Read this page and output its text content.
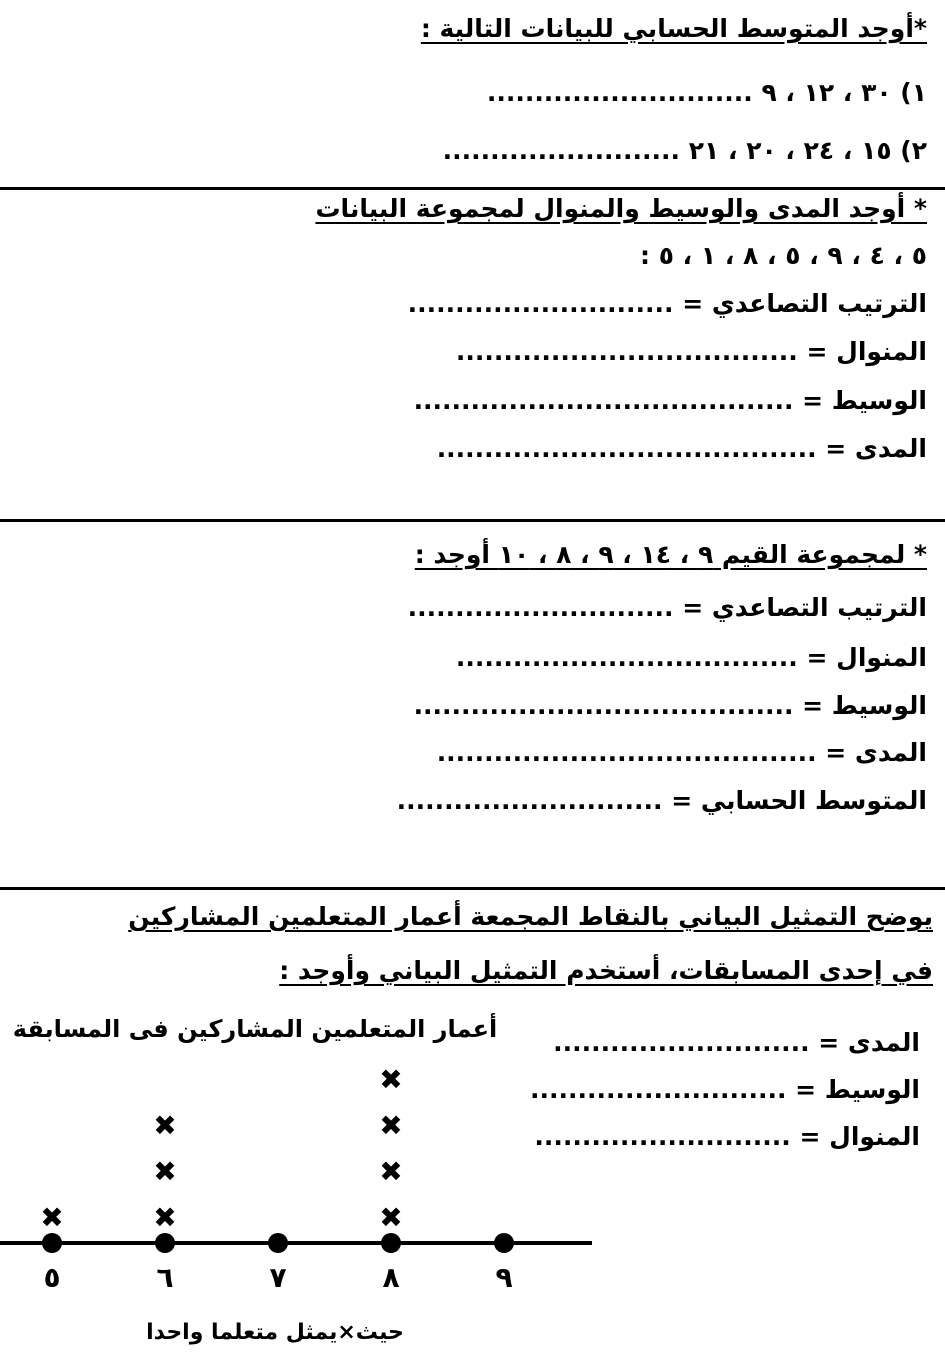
*أوجد المتوسط الحسابي للبيانات التالية :
١) ٣٠ ، ١٢ ، ٩ ............................
٢) ١٥ ، ٢٤ ، ٢٠ ، ٢١ .........................
* أوجد المدى والوسيط والمنوال لمجموعة البيانات
٥ ، ٤ ، ٩ ، ٥ ، ٨ ، ١ ، ٥ :
الترتيب التصاعدي = ............................
المنوال = ....................................
الوسيط = ........................................
المدى = ........................................
* لمجموعة القيم ٩ ، ١٤ ، ٩ ، ٨ ، ١٠ أوجد :
الترتيب التصاعدي = ............................
المنوال = ....................................
الوسيط = ........................................
المدى = ........................................
المتوسط الحسابي = ............................
يوضح التمثيل البياني بالنقاط المجمعة أعمار المتعلمين المشاركين
في إحدى المسابقات، أستخدم التمثيل البياني وأوجد :
المدى = ...........................
الوسيط = ...........................
المنوال = ...........................
أعمار المتعلمين المشاركين فى المسابقة
٥
✖
٦
✖
✖
✖
٧	٨
✖
✖
✖
✖
٩
حيث×يمثل متعلما واحدا
